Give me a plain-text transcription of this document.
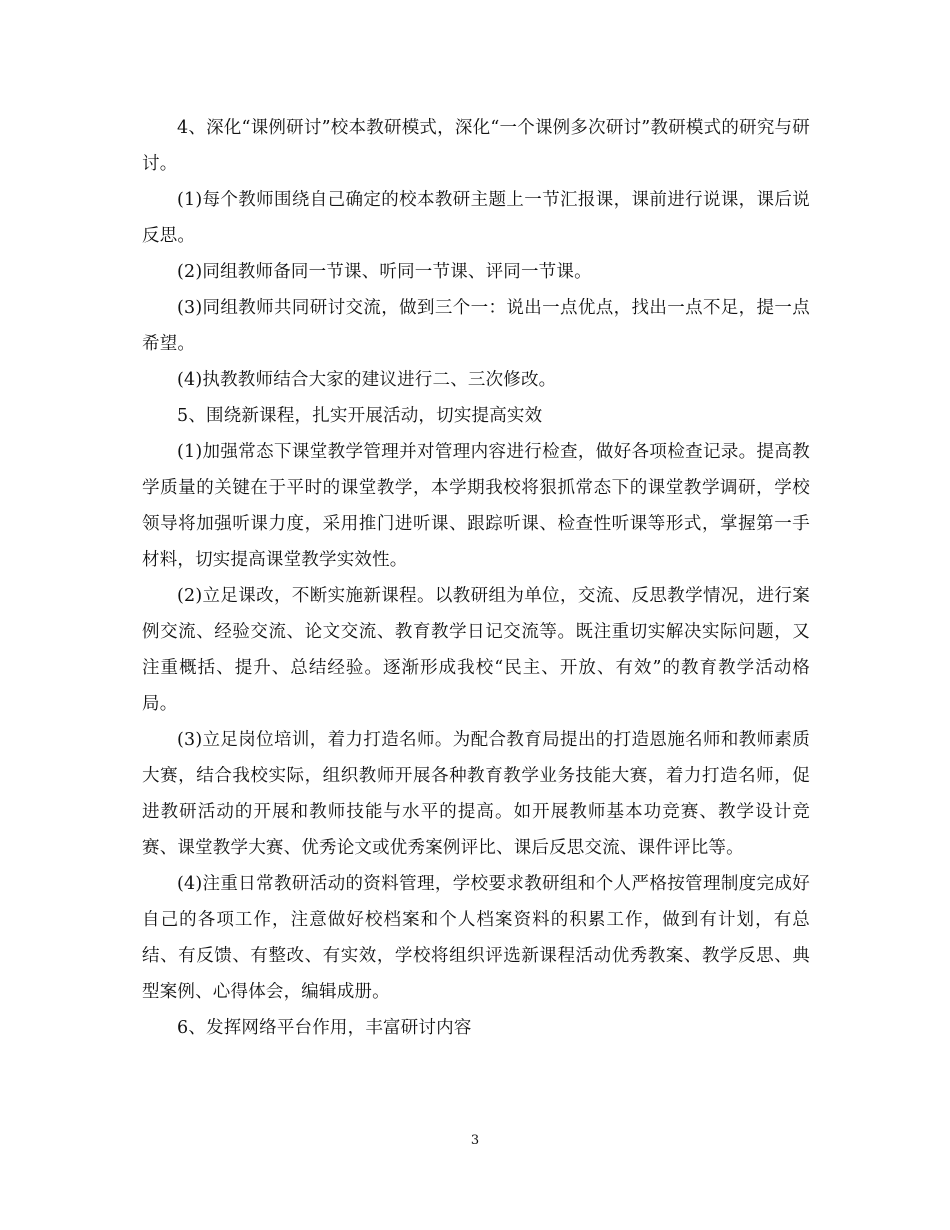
4、深化“课例研讨”校本教研模式，深化“一个课例多次研讨”教研模式的研究与研讨。

(1)每个教师围绕自己确定的校本教研主题上一节汇报课，课前进行说课，课后说反思。

(2)同组教师备同一节课、听同一节课、评同一节课。

(3)同组教师共同研讨交流，做到三个一：说出一点优点，找出一点不足，提一点希望。

(4)执教教师结合大家的建议进行二、三次修改。

5、围绕新课程，扎实开展活动，切实提高实效

(1)加强常态下课堂教学管理并对管理内容进行检查，做好各项检查记录。提高教学质量的关键在于平时的课堂教学，本学期我校将狠抓常态下的课堂教学调研，学校领导将加强听课力度，采用推门进听课、跟踪听课、检查性听课等形式，掌握第一手材料，切实提高课堂教学实效性。

(2)立足课改，不断实施新课程。以教研组为单位，交流、反思教学情况，进行案例交流、经验交流、论文交流、教育教学日记交流等。既注重切实解决实际问题，又注重概括、提升、总结经验。逐渐形成我校“民主、开放、有效”的教育教学活动格局。

(3)立足岗位培训，着力打造名师。为配合教育局提出的打造恩施名师和教师素质大赛，结合我校实际，组织教师开展各种教育教学业务技能大赛，着力打造名师，促进教研活动的开展和教师技能与水平的提高。如开展教师基本功竞赛、教学设计竞赛、课堂教学大赛、优秀论文或优秀案例评比、课后反思交流、课件评比等。

(4)注重日常教研活动的资料管理，学校要求教研组和个人严格按管理制度完成好自己的各项工作，注意做好校档案和个人档案资料的积累工作，做到有计划，有总结、有反馈、有整改、有实效，学校将组织评选新课程活动优秀教案、教学反思、典型案例、心得体会，编辑成册。

6、发挥网络平台作用，丰富研讨内容

3
